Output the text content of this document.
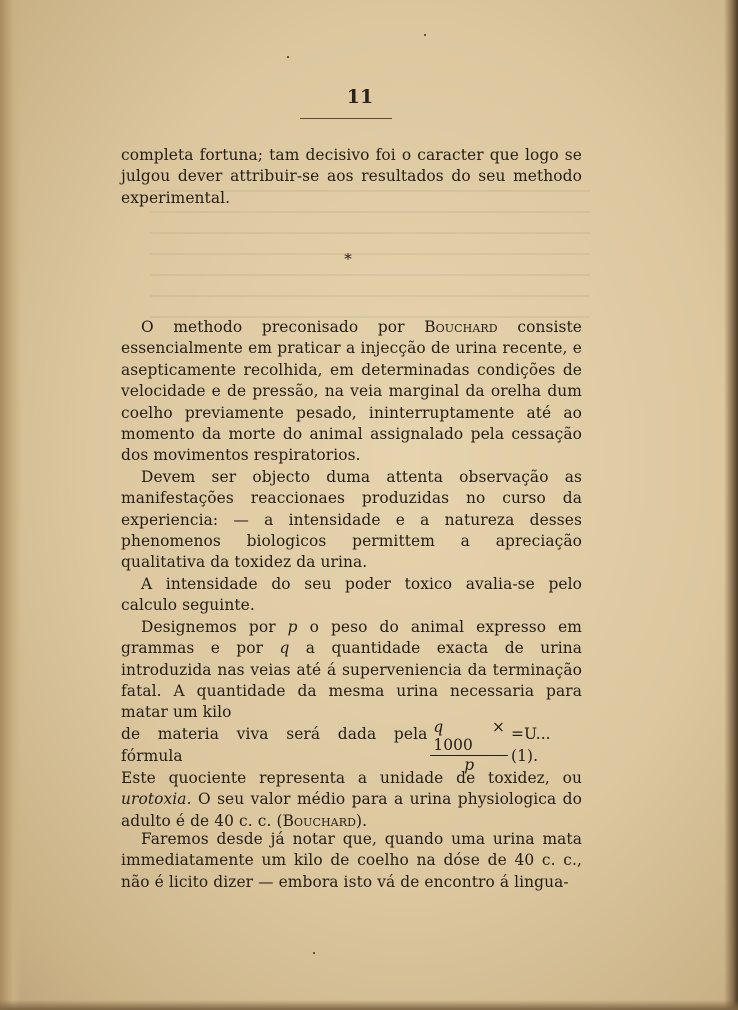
11

completa fortuna; tam decisivo foi o caracter que logo se julgou dever attribuir-se aos resultados do seu methodo experimental.

*

O methodo preconisado por Bouchard consiste essencialmente em praticar a injecção de urina recente, e asepticamente recolhida, em determinadas condições de velocidade e de pressão, na veia marginal da orelha dum coelho previamente pesado, ininterruptamente até ao momento da morte do animal assignalado pela cessação dos movimentos respiratorios.

Devem ser objecto duma attenta observação as manifestações reaccionaes produzidas no curso da experiencia: — a intensidade e a natureza desses phenomenos biologicos permittem a apreciação qualitativa da toxidez da urina.

A intensidade do seu poder toxico avalia-se pelo calculo seguinte.

Designemos por p o peso do animal expresso em grammas e por q a quantidade exacta de urina introduzida nas veias até á superveniencia da terminação fatal. A quantidade da mesma urina necessaria para matar um kilo

de materia viva será dada pela fórmula	$\frac{q \times 1000}{p} =U$... (1).

Este quociente representa a unidade de toxidez, ou urotoxia. O seu valor médio para a urina physiologica do adulto é de 40 c. c. (Bouchard).

Faremos desde já notar que, quando uma urina mata immediatamente um kilo de coelho na dóse de 40 c. c., não é licito dizer — embora isto vá de encontro á lingua-
